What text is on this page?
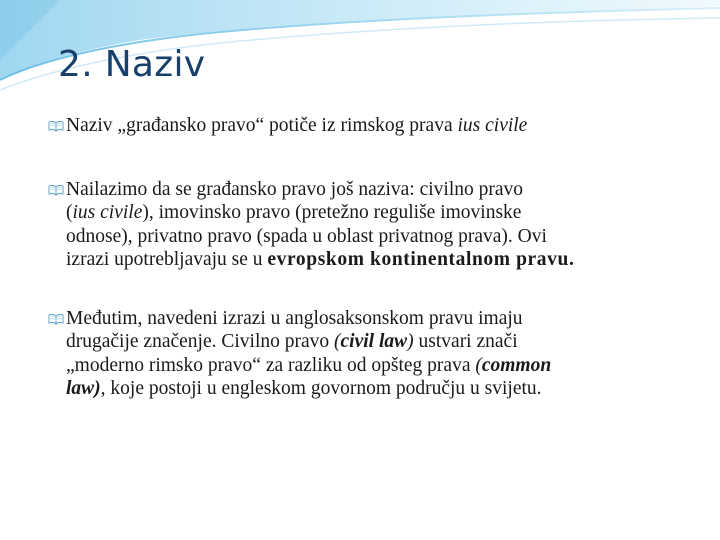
2. Naziv
Naziv „građansko pravo“ potiče iz rimskog prava ius civile
Nailazimo da se građansko pravo još naziva: civilno pravo
(ius civile), imovinsko pravo (pretežno reguliše imovinske
odnose), privatno pravo (spada u oblast privatnog prava). Ovi
izrazi upotrebljavaju se u evropskom kontinentalnom pravu.
Međutim, navedeni izrazi u anglosaksonskom pravu imaju
drugačije značenje. Civilno pravo (civil law) ustvari znači
„moderno rimsko pravo“ za razliku od opšteg prava (common
law), koje postoji u engleskom govornom području u svijetu.
